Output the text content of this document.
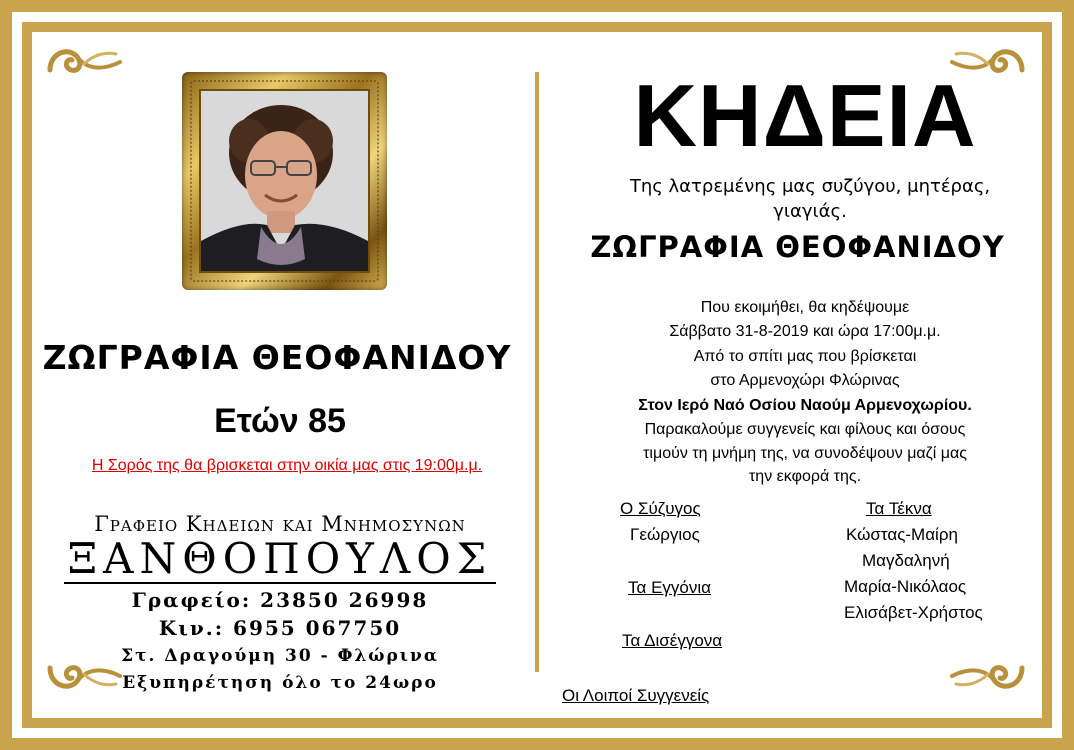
ΖΩΓΡΑΦΙΑ ΘΕΟΦΑΝΙΔΟΥ
Ετών 85
Η Σορός της θα βρισκεται στην οικία μας στις 19:00μ.μ.
Γραφειο Κηδειων και Μνημοσυνων
ΞΑΝΘΟΠΟΥΛΟΣ
Γραφείο: 23850 26998
Κιν.: 6955 067750
Στ. Δραγούμη 30 - Φλώρινα
Εξυπηρέτηση όλο το 24ωρο
ΚΗΔΕΙΑ
Της λατρεμένης μας συζύγου, μητέρας,
γιαγιάς.
ΖΩΓΡΑΦΙΑ ΘΕΟΦΑΝΙΔΟΥ
Που εκοιμήθει, θα κηδέψουμε
Σάββατο 31-8-2019 και ώρα 17:00μ.μ.
Από το σπίτι μας που βρίσκεται
στο Αρμενοχώρι Φλώρινας
Στον Ιερό Ναό Οσίου Ναούμ Αρμενοχωρίου.
Παρακαλούμε συγγενείς και φίλους και όσους
τιμούν τη μνήμη της, να συνοδέψουν μαζί μας
την εκφορά της.
Ο Σύζυγος
Γεώργιος
Τα Τέκνα
Κώστας-Μαίρη
Μαγδαληνή
Μαρία-Νικόλαος
Ελισάβετ-Χρήστος
Τα Εγγόνια
Τα Δισέγγονα
Οι Λοιποί Συγγενείς
